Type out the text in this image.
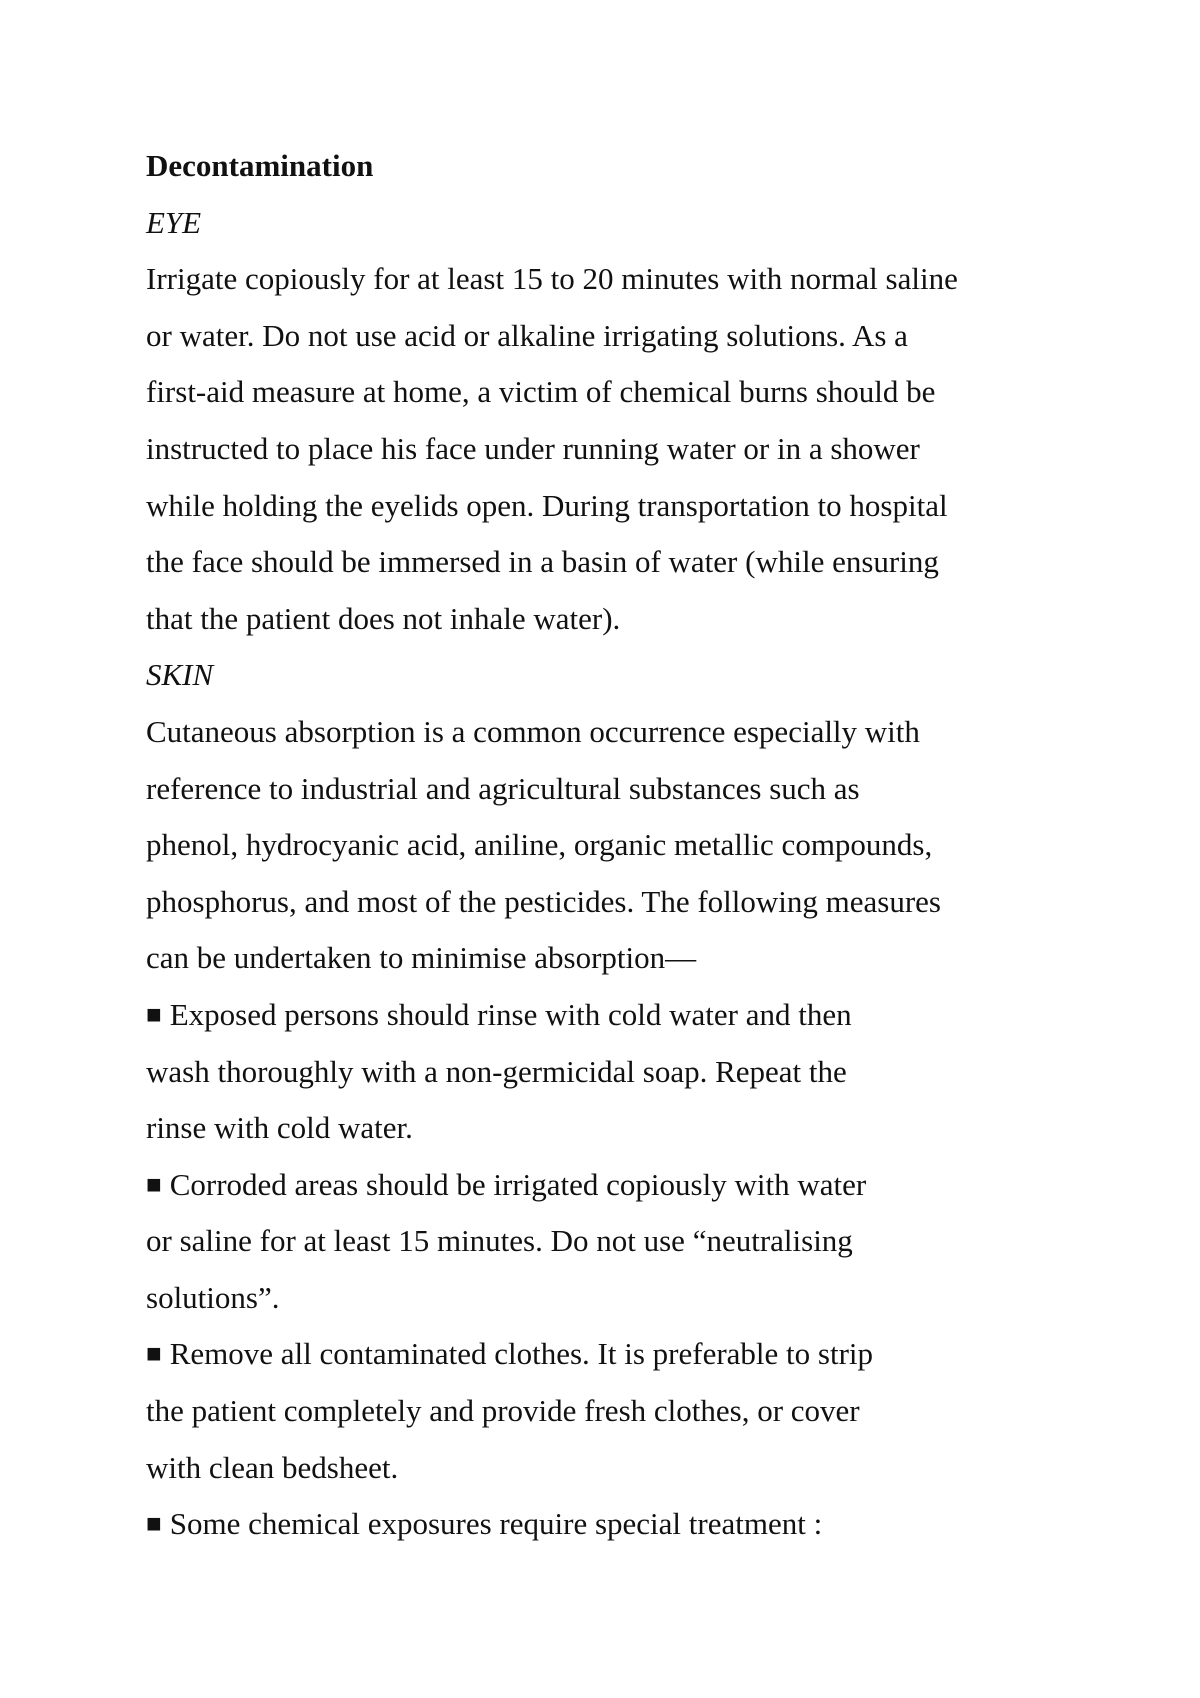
Decontamination
EYE
Irrigate copiously for at least 15 to 20 minutes with normal saline
or water. Do not use acid or alkaline irrigating solutions. As a
first-aid measure at home, a victim of chemical burns should be
instructed to place his face under running water or in a shower
while holding the eyelids open. During transportation to hospital
the face should be immersed in a basin of water (while ensuring
that the patient does not inhale water).
SKIN
Cutaneous absorption is a common occurrence especially with
reference to industrial and agricultural substances such as
phenol, hydrocyanic acid, aniline, organic metallic compounds,
phosphorus, and most of the pesticides. The following measures
can be undertaken to minimise absorption—
■ Exposed persons should rinse with cold water and then
wash thoroughly with a non-germicidal soap. Repeat the
rinse with cold water.
■ Corroded areas should be irrigated copiously with water
or saline for at least 15 minutes. Do not use “neutralising
solutions”.
■ Remove all contaminated clothes. It is preferable to strip
the patient completely and provide fresh clothes, or cover
with clean bedsheet.
■ Some chemical exposures require special treatment :
